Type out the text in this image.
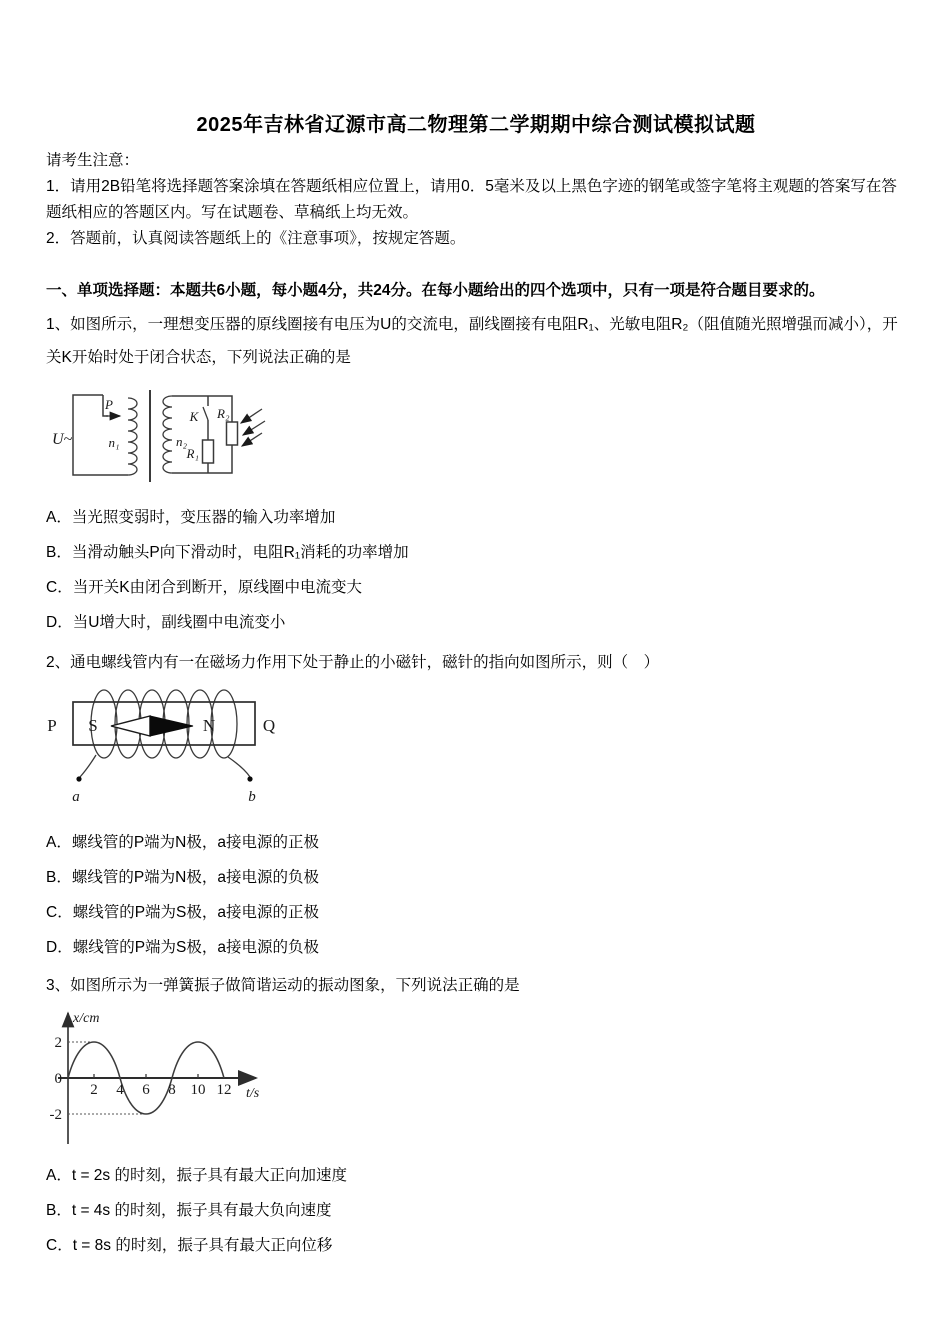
2025年吉林省辽源市高二物理第二学期期中综合测试模拟试题
请考生注意：
1．请用2B铅笔将选择题答案涂填在答题纸相应位置上，请用0．5毫米及以上黑色字迹的钢笔或签字笔将主观题的答案写在答题纸相应的答题区内。写在试题卷、草稿纸上均无效。
2．答题前，认真阅读答题纸上的《注意事项》，按规定答题。
一、单项选择题：本题共6小题，每小题4分，共24分。在每小题给出的四个选项中，只有一项是符合题目要求的。
1、如图所示，一理想变压器的原线圈接有电压为U的交流电，副线圈接有电阻R₁、光敏电阻R₂（阻值随光照增强而减小），开关K开始时处于闭合状态，下列说法正确的是
U~
P
n₁	n₂
K
R₁
R₂
A．当光照变弱时，变压器的输入功率增加
B．当滑动触头P向下滑动时，电阻R₁消耗的功率增加
C．当开关K由闭合到断开，原线圈中电流变大
D．当U增大时，副线圈中电流变小
2、通电螺线管内有一在磁场力作用下处于静止的小磁针，磁针的指向如图所示，则（　）
P S	N	Q
a	b
A．螺线管的P端为N极，a接电源的正极
B．螺线管的P端为N极，a接电源的负极
C．螺线管的P端为S极，a接电源的正极
D．螺线管的P端为S极，a接电源的负极
3、如图所示为一弹簧振子做简谐运动的振动图象，下列说法正确的是
x/cm
t/s
2
0
-2
2 4 6 8 10 12
A．t = 2s 的时刻，振子具有最大正向加速度
B．t = 4s 的时刻，振子具有最大负向速度
C．t = 8s 的时刻，振子具有最大正向位移
